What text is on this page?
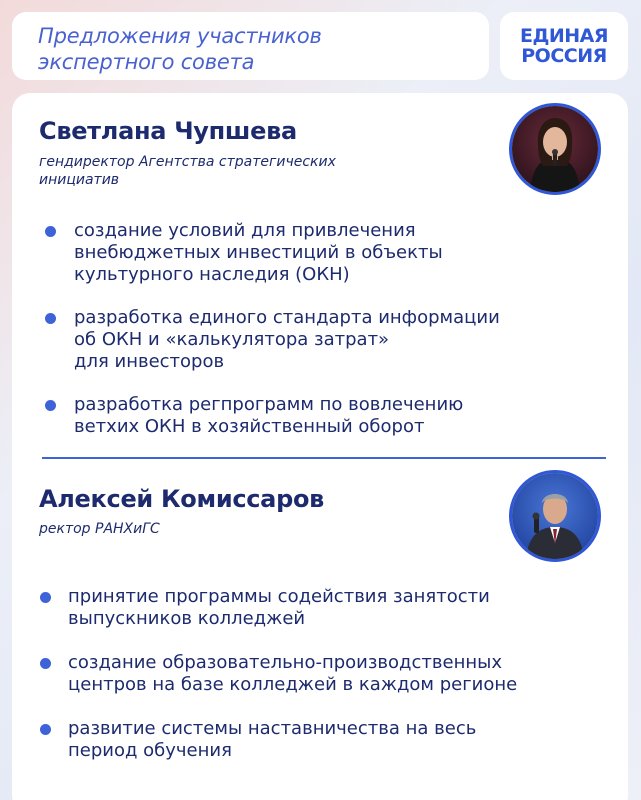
Предложения участников
экспертного совета
ЕДИНАЯ
РОССИЯ
Светлана Чупшева
гендиректор Агентства стратегических
инициатив
создание условий для привлечения
внебюджетных инвестиций в объекты
культурного наследия (ОКН)
разработка единого стандарта информации
об ОКН и «калькулятора затрат»
для инвесторов
разработка регпрограмм по вовлечению
ветхих ОКН в хозяйственный оборот
Алексей Комиссаров
ректор РАНХиГС
принятие программы содействия занятости
выпускников колледжей
создание образовательно-производственных
центров на базе колледжей в каждом регионе
развитие системы наставничества на весь
период обучения
